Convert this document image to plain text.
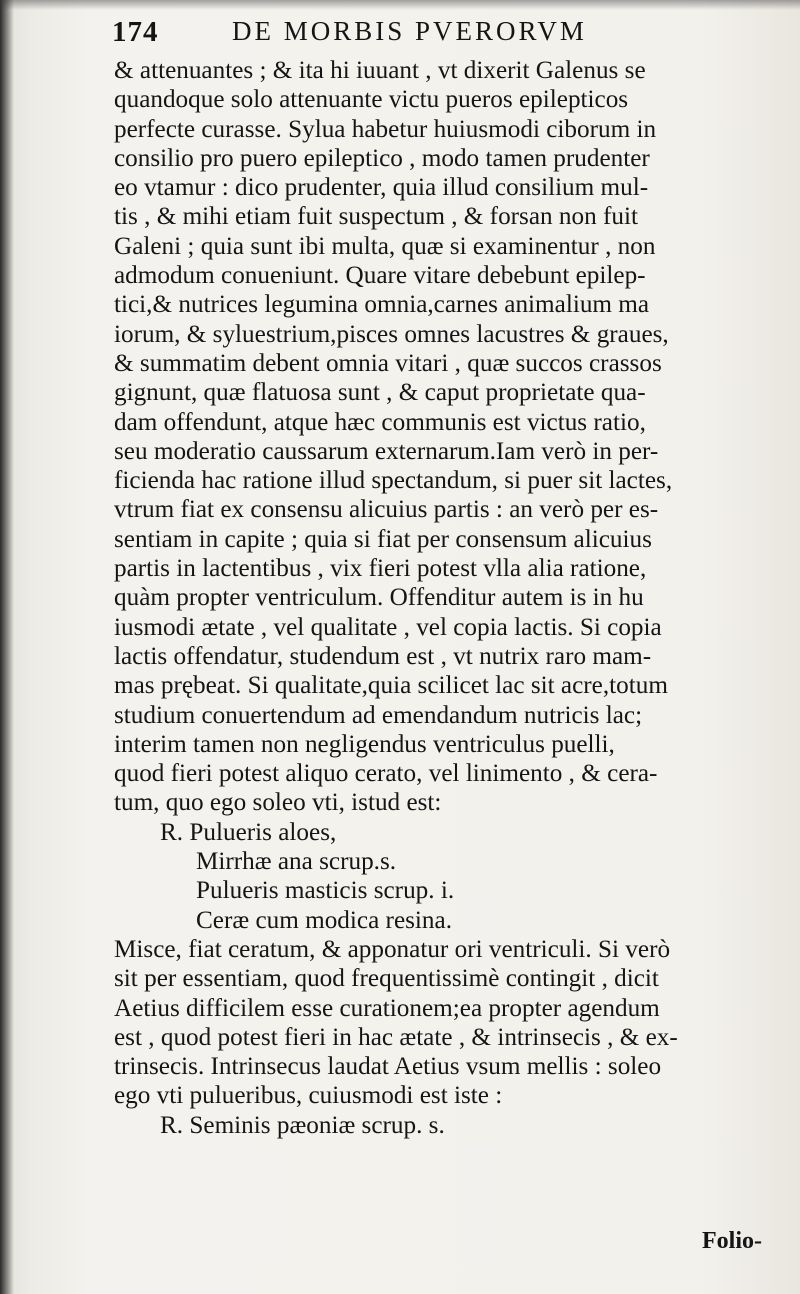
174	DE MORBIS PVERORVM

& attenuantes ; & ita hi iuuant , vt dixerit Galenus se
quandoque solo attenuante victu pueros epilepticos
perfecte curasse. Sylua habetur huiusmodi ciborum in
consilio pro puero epileptico , modo tamen prudenter
eo vtamur : dico prudenter, quia illud consilium mul-
tis , & mihi etiam fuit suspectum , & forsan non fuit
Galeni ; quia sunt ibi multa, quæ si examinentur , non
admodum conueniunt. Quare vitare debebunt epilep-
tici,& nutrices legumina omnia,carnes animalium ma
iorum, & syluestrium,pisces omnes lacustres & graues,
& summatim debent omnia vitari , quæ succos crassos
gignunt, quæ flatuosa sunt , & caput proprietate qua-
dam offendunt, atque hæc communis est victus ratio,
seu moderatio caussarum externarum.Iam verò in per-
ficienda hac ratione illud spectandum, si puer sit lactes,
vtrum fiat ex consensu alicuius partis : an verò per es-
sentiam in capite ; quia si fiat per consensum alicuius
partis in lactentibus , vix fieri potest vlla alia ratione,
quàm propter ventriculum. Offenditur autem is in hu
iusmodi ætate , vel qualitate , vel copia lactis. Si copia
lactis offendatur, studendum est , vt nutrix raro mam-
mas prębeat. Si qualitate,quia scilicet lac sit acre,totum
studium conuertendum ad emendandum nutricis lac;
interim tamen non negligendus ventriculus puelli,
quod fieri potest aliquo cerato, vel linimento , & cera-
tum, quo ego soleo vti, istud est:
R. Pulueris aloes,
Mirrhæ ana scrup.s.
Pulueris masticis scrup. i.
Ceræ cum modica resina.
Misce, fiat ceratum, & apponatur ori ventriculi. Si verò
sit per essentiam, quod frequentissimè contingit , dicit
Aetius difficilem esse curationem;ea propter agendum
est , quod potest fieri in hac ætate , & intrinsecis , & ex-
trinsecis. Intrinsecus laudat Aetius vsum mellis : soleo
ego vti pulueribus, cuiusmodi est iste :
R. Seminis pæoniæ scrup. s.
Folio-
